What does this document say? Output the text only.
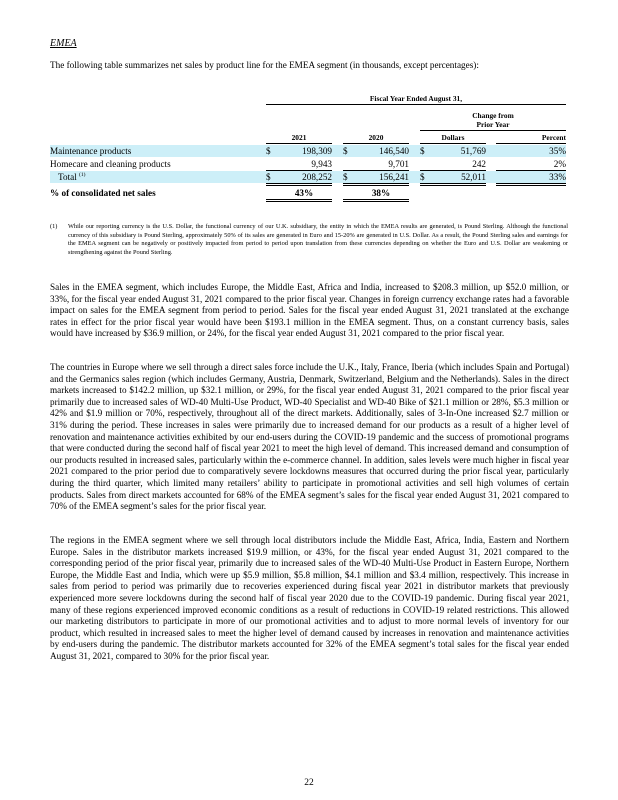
EMEA
The following table summarizes net sales by product line for the EMEA segment (in thousands, except percentages):
Fiscal Year Ended August 31,
Change from
Prior Year
2021	2020	Dollars	Percent
Maintenance products	$	198,309 $	146,540 $	51,769	35%
Homecare and cleaning products	9,943	9,701	242	2%
Total $^{(1)}$	$	208,252 $	156,241 $	52,011	33%
% of consolidated net sales	43%	38%
(1) While our reporting currency is the U.S. Dollar, the functional currency of our U.K. subsidiary, the entity in which the EMEA results are generated, is Pound Sterling. Although the functional currency of this subsidiary is Pound Sterling, approximately 50% of its sales are generated in Euro and 15-20% are generated in U.S. Dollar. As a result, the Pound Sterling sales and earnings for the EMEA segment can be negatively or positively impacted from period to period upon translation from these currencies depending on whether the Euro and U.S. Dollar are weakening or strengthening against the Pound Sterling.
Sales in the EMEA segment, which includes Europe, the Middle East, Africa and India, increased to $208.3 million, up $52.0 million, or 33%, for the fiscal year ended August 31, 2021 compared to the prior fiscal year. Changes in foreign currency exchange rates had a favorable impact on sales for the EMEA segment from period to period. Sales for the fiscal year ended August 31, 2021 translated at the exchange rates in effect for the prior fiscal year would have been $193.1 million in the EMEA segment. Thus, on a constant currency basis, sales would have increased by $36.9 million, or 24%, for the fiscal year ended August 31, 2021 compared to the prior fiscal year.
The countries in Europe where we sell through a direct sales force include the U.K., Italy, France, Iberia (which includes Spain and Portugal) and the Germanics sales region (which includes Germany, Austria, Denmark, Switzerland, Belgium and the Netherlands). Sales in the direct markets increased to $142.2 million, up $32.1 million, or 29%, for the fiscal year ended August 31, 2021 compared to the prior fiscal year primarily due to increased sales of WD-40 Multi-Use Product, WD-40 Specialist and WD-40 Bike of $21.1 million or 28%, $5.3 million or 42% and $1.9 million or 70%, respectively, throughout all of the direct markets. Additionally, sales of 3-In-One increased $2.7 million or 31% during the period. These increases in sales were primarily due to increased demand for our products as a result of a higher level of renovation and maintenance activities exhibited by our end-users during the COVID-19 pandemic and the success of promotional programs that were conducted during the second half of fiscal year 2021 to meet the high level of demand. This increased demand and consumption of our products resulted in increased sales, particularly within the e-commerce channel. In addition, sales levels were much higher in fiscal year 2021 compared to the prior period due to comparatively severe lockdowns measures that occurred during the prior fiscal year, particularly during the third quarter, which limited many retailers’ ability to participate in promotional activities and sell high volumes of certain products. Sales from direct markets accounted for 68% of the EMEA segment’s sales for the fiscal year ended August 31, 2021 compared to 70% of the EMEA segment’s sales for the prior fiscal year.
The regions in the EMEA segment where we sell through local distributors include the Middle East, Africa, India, Eastern and Northern Europe. Sales in the distributor markets increased $19.9 million, or 43%, for the fiscal year ended August 31, 2021 compared to the corresponding period of the prior fiscal year, primarily due to increased sales of the WD-40 Multi-Use Product in Eastern Europe, Northern Europe, the Middle East and India, which were up $5.9 million, $5.8 million, $4.1 million and $3.4 million, respectively. This increase in sales from period to period was primarily due to recoveries experienced during fiscal year 2021 in distributor markets that previously experienced more severe lockdowns during the second half of fiscal year 2020 due to the COVID-19 pandemic. During fiscal year 2021, many of these regions experienced improved economic conditions as a result of reductions in COVID-19 related restrictions. This allowed our marketing distributors to participate in more of our promotional activities and to adjust to more normal levels of inventory for our product, which resulted in increased sales to meet the higher level of demand caused by increases in renovation and maintenance activities by end-users during the pandemic. The distributor markets accounted for 32% of the EMEA segment’s total sales for the fiscal year ended August 31, 2021, compared to 30% for the prior fiscal year.
22
